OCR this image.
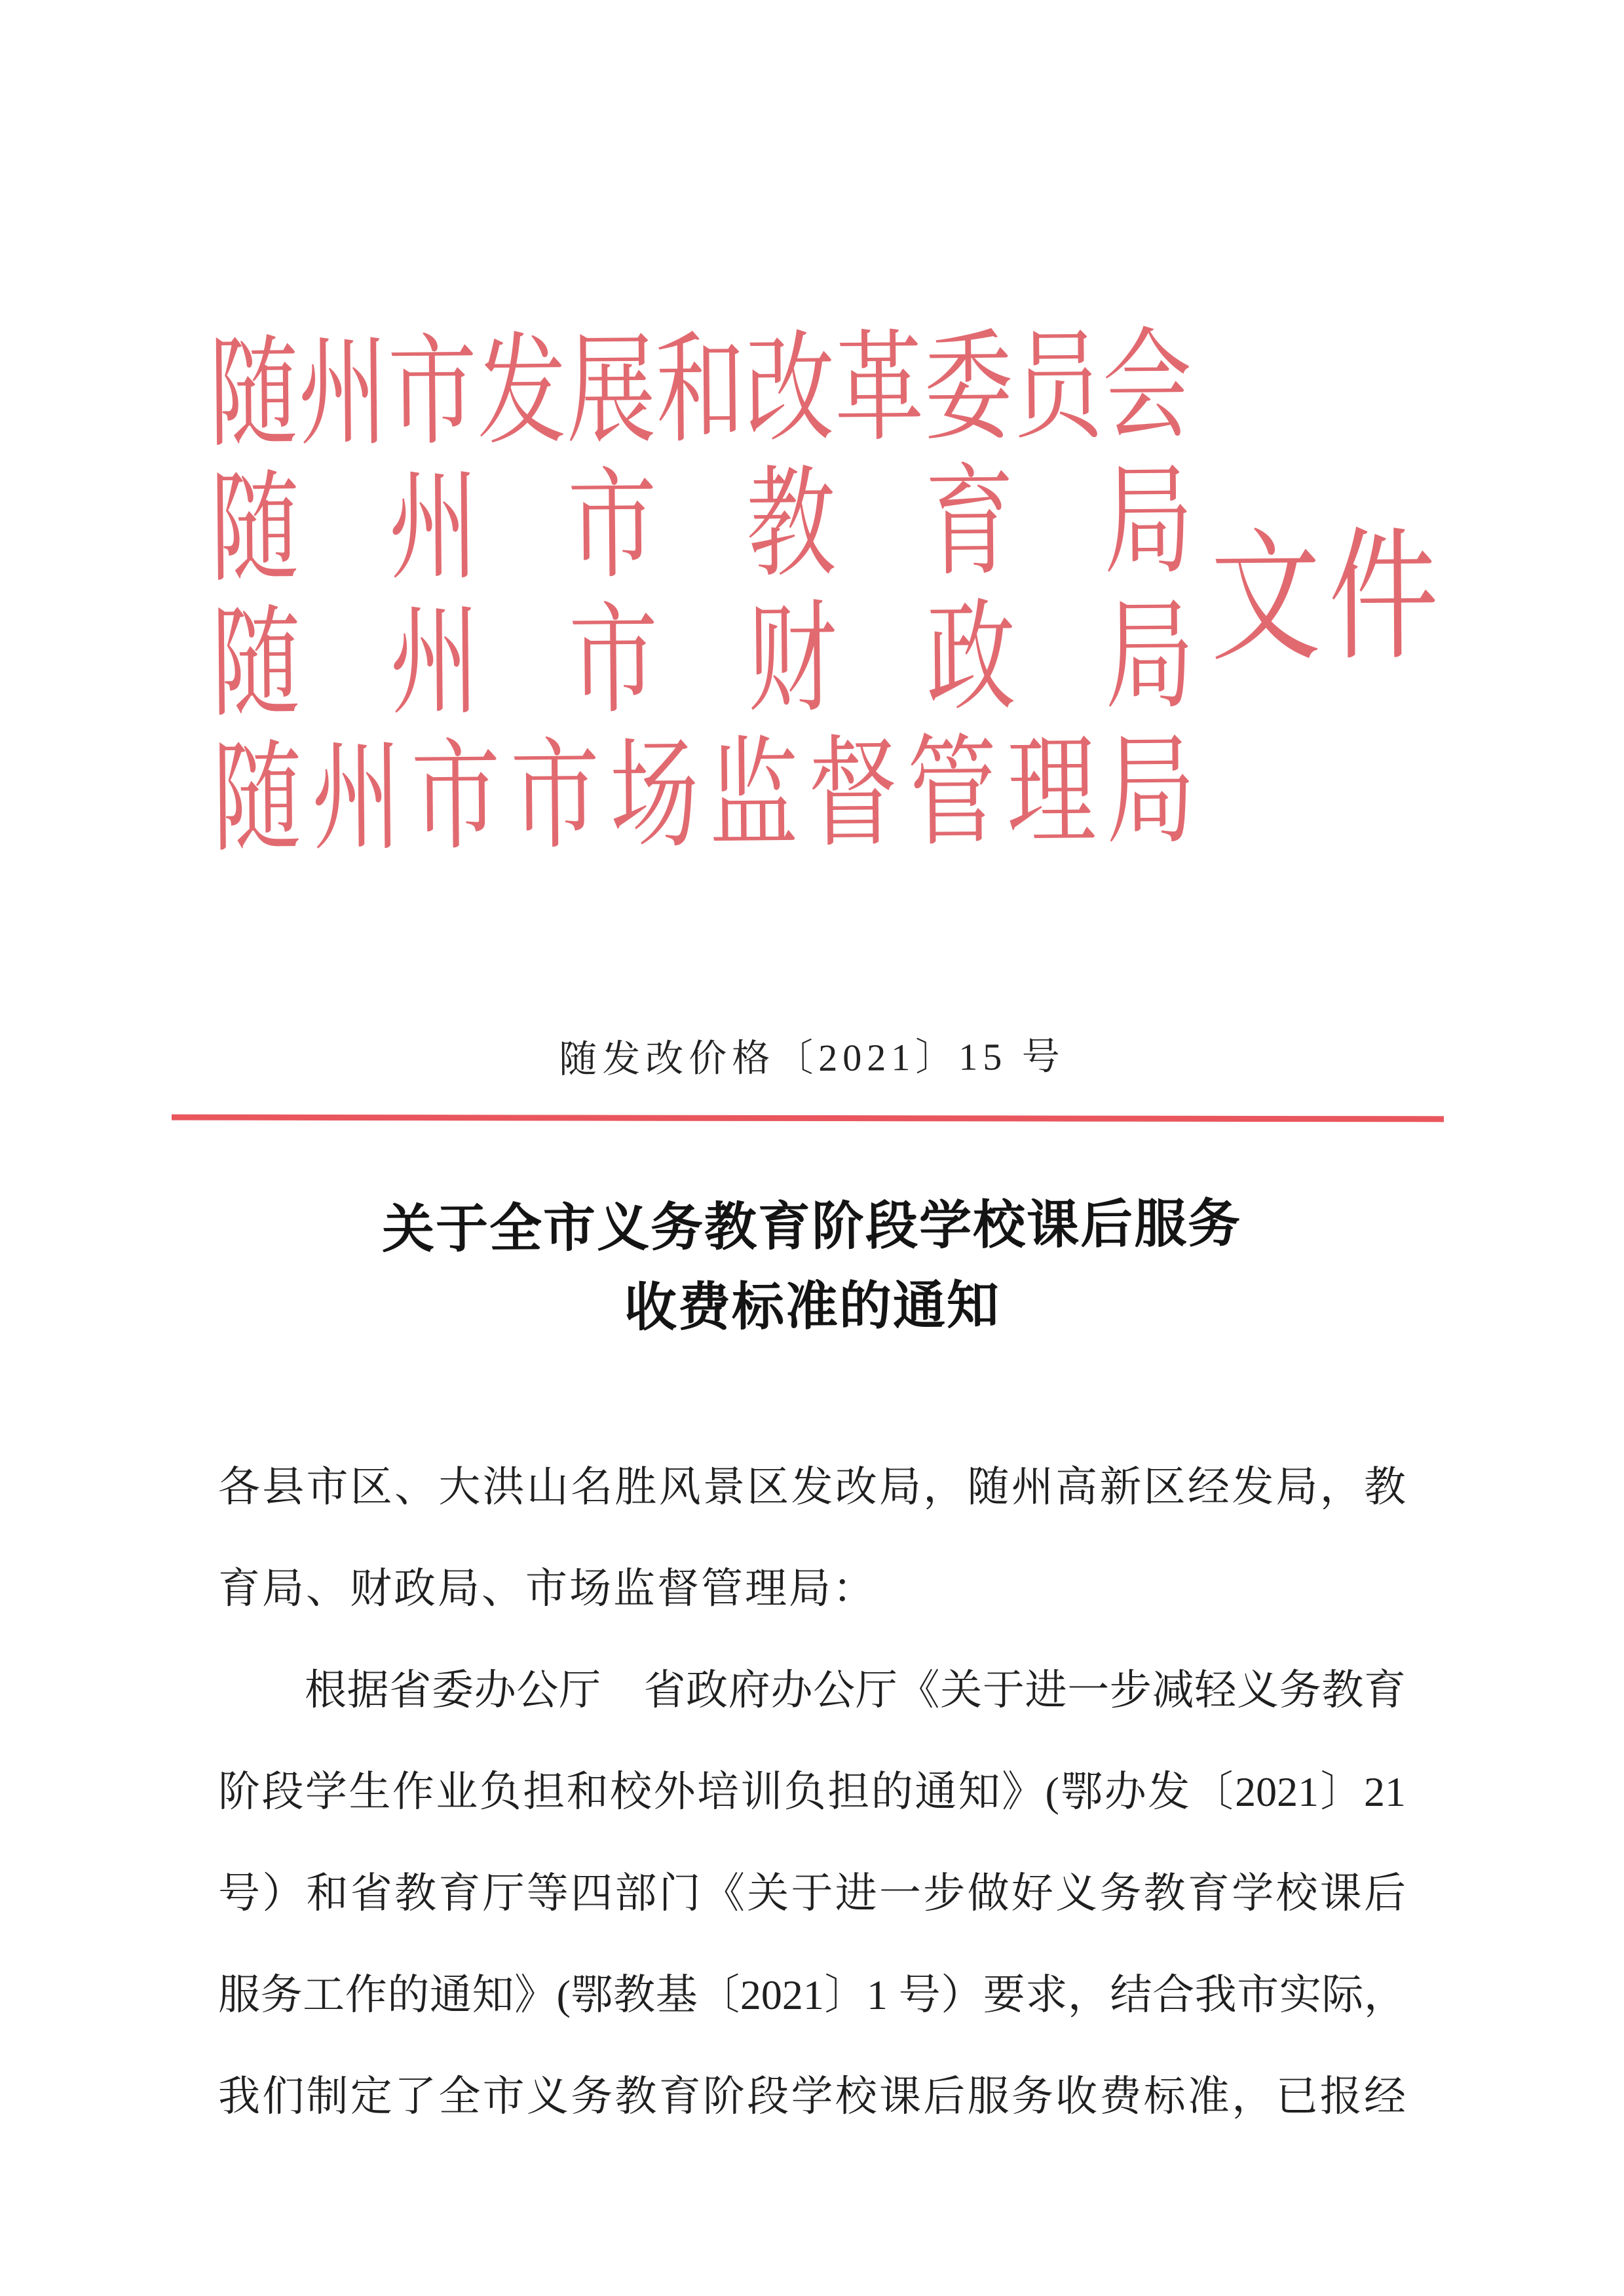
随
州
市
发
展
和
改
革
委
员
会
随 州 市 教 育 局
随 州 市 财 政 局
随 州 市 市 场 监 督 管 理 局
文件
随发改价格〔2021〕15 号
关于全市义务教育阶段学校课后服务
收费标准的通知
各县市区、大洪山名胜风景区发改局，随州高新区经发局，教
育局、财政局、市场监督管理局：
根据省委办公厅　省政府办公厅《关于进一步减轻义务教育
阶段学生作业负担和校外培训负担的通知》(鄂办发〔2021〕21
号）和省教育厅等四部门《关于进一步做好义务教育学校课后
服务工作的通知》(鄂教基〔2021〕1 号）要求，结合我市实际，
我们制定了全市义务教育阶段学校课后服务收费标准，已报经
